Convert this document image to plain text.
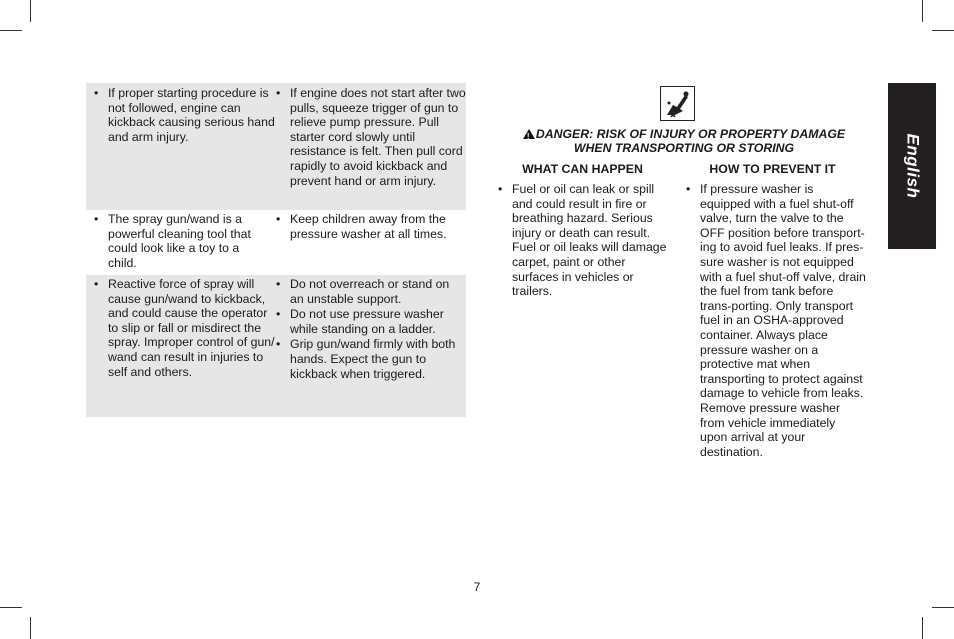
• If proper starting procedure is not followed, engine can kickback causing serious hand and arm injury.
• If engine does not start after two pulls, squeeze trigger of gun to relieve pump pressure. Pull starter cord slowly until resistance is felt. Then pull cord rapidly to avoid kickback and prevent hand or arm injury.
• The spray gun/wand is a powerful cleaning tool that could look like a toy to a child.
• Keep children away from the pressure washer at all times.
• Reactive force of spray will cause gun/wand to kickback, and could cause the operator to slip or fall or misdirect the spray. Improper control of gun/ wand can result in injuries to self and others.
• Do not overreach or stand on an unstable support.
• Do not use pressure washer while standing on a ladder.
• Grip gun/wand firmly with both hands. Expect the gun to kickback when triggered.
!DANGER: RISK OF INJURY OR PROPERTY DAMAGE
WHEN TRANSPORTING OR STORING
WHAT CAN HAPPEN	HOW TO PREVENT IT
• Fuel or oil can leak or spill and could result in fire or breathing hazard. Serious injury or death can result. Fuel or oil leaks will damage carpet, paint or other surfaces in vehicles or trailers.
• If pressure washer is equipped with a fuel shut-off valve, turn the valve to the OFF position before transport-ing to avoid fuel leaks. If pres-sure washer is not equipped with a fuel shut-off valve, drain the fuel from tank before trans-porting. Only transport fuel in an OSHA-approved container. Always place pressure washer on a protective mat when transporting to protect against damage to vehicle from leaks. Remove pressure washer from vehicle immediately upon arrival at your destination.
English
7
